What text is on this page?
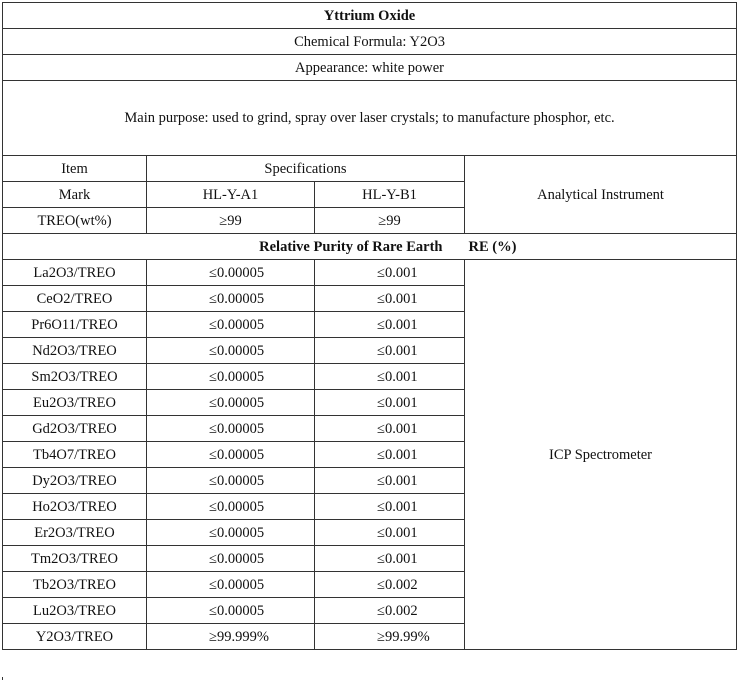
Yttrium Oxide			
Chemical Formula: Y2O3			
Appearance: white power			
Main purpose: used to grind, spray over laser crystals; to manufacture phosphor, etc.			
Item	Specifications		Analytical Instrument
Mark	HL-Y-A1	HL-Y-B1	
TREO(wt%)	≥99	≥99	
Relative Purity of Rare Earth			RE (%)
La2O3/TREO	≤0.00005	≤0.001	ICP Spectrometer
CeO2/TREO	≤0.00005	≤0.001	
Pr6O11/TREO	≤0.00005	≤0.001	
Nd2O3/TREO	≤0.00005	≤0.001	
Sm2O3/TREO	≤0.00005	≤0.001	
Eu2O3/TREO	≤0.00005	≤0.001	
Gd2O3/TREO	≤0.00005	≤0.001	
Tb4O7/TREO	≤0.00005	≤0.001	
Dy2O3/TREO	≤0.00005	≤0.001	
Ho2O3/TREO	≤0.00005	≤0.001	
Er2O3/TREO	≤0.00005	≤0.001	
Tm2O3/TREO	≤0.00005	≤0.001	
Tb2O3/TREO	≤0.00005	≤0.002	
Lu2O3/TREO	≤0.00005	≤0.002	
Y2O3/TREO	≥99.999%	≥99.99%	
